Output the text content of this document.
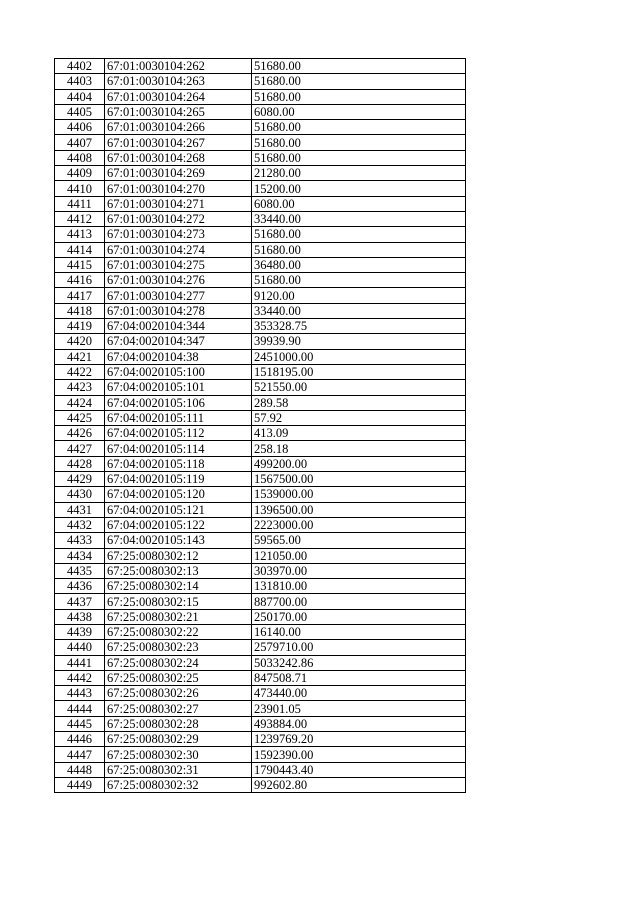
4402	67:01:0030104:262	51680.00
4403	67:01:0030104:263	51680.00
4404	67:01:0030104:264	51680.00
4405	67:01:0030104:265	6080.00
4406	67:01:0030104:266	51680.00
4407	67:01:0030104:267	51680.00
4408	67:01:0030104:268	51680.00
4409	67:01:0030104:269	21280.00
4410	67:01:0030104:270	15200.00
4411	67:01:0030104:271	6080.00
4412	67:01:0030104:272	33440.00
4413	67:01:0030104:273	51680.00
4414	67:01:0030104:274	51680.00
4415	67:01:0030104:275	36480.00
4416	67:01:0030104:276	51680.00
4417	67:01:0030104:277	9120.00
4418	67:01:0030104:278	33440.00
4419	67:04:0020104:344	353328.75
4420	67:04:0020104:347	39939.90
4421	67:04:0020104:38	2451000.00
4422	67:04:0020105:100	1518195.00
4423	67:04:0020105:101	521550.00
4424	67:04:0020105:106	289.58
4425	67:04:0020105:111	57.92
4426	67:04:0020105:112	413.09
4427	67:04:0020105:114	258.18
4428	67:04:0020105:118	499200.00
4429	67:04:0020105:119	1567500.00
4430	67:04:0020105:120	1539000.00
4431	67:04:0020105:121	1396500.00
4432	67:04:0020105:122	2223000.00
4433	67:04:0020105:143	59565.00
4434	67:25:0080302:12	121050.00
4435	67:25:0080302:13	303970.00
4436	67:25:0080302:14	131810.00
4437	67:25:0080302:15	887700.00
4438	67:25:0080302:21	250170.00
4439	67:25:0080302:22	16140.00
4440	67:25:0080302:23	2579710.00
4441	67:25:0080302:24	5033242.86
4442	67:25:0080302:25	847508.71
4443	67:25:0080302:26	473440.00
4444	67:25:0080302:27	23901.05
4445	67:25:0080302:28	493884.00
4446	67:25:0080302:29	1239769.20
4447	67:25:0080302:30	1592390.00
4448	67:25:0080302:31	1790443.40
4449	67:25:0080302:32	992602.80
